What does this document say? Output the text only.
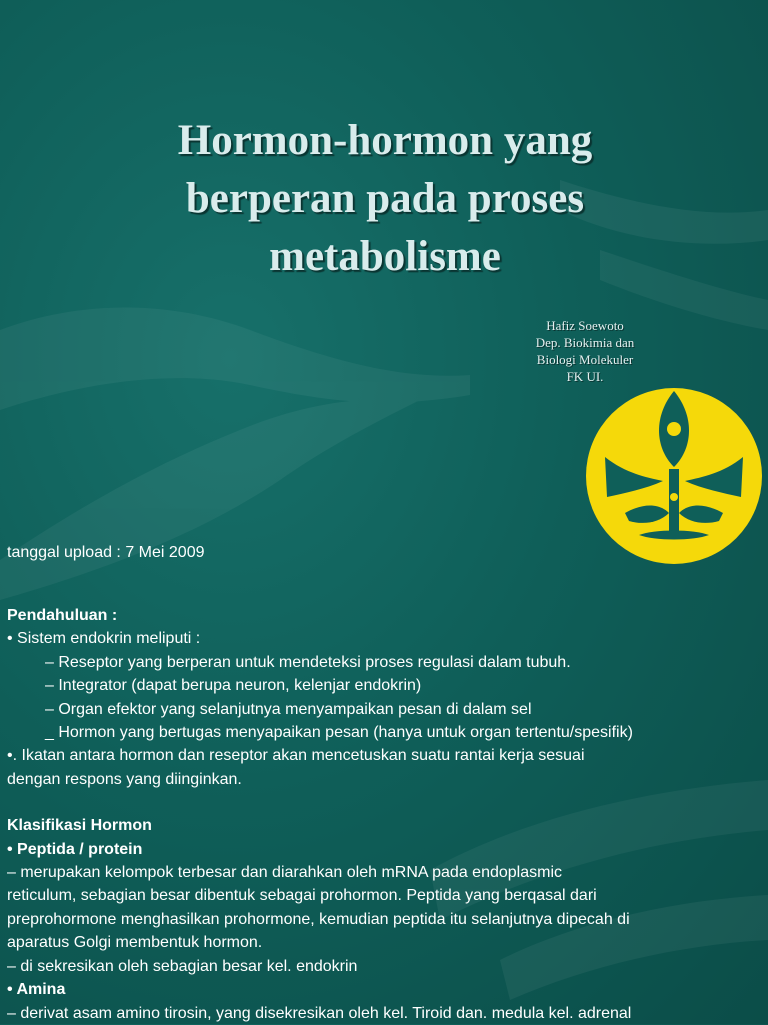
Hormon-hormon yang
berperan pada proses
metabolisme
Hafiz Soewoto
Dep. Biokimia dan
Biologi Molekuler
FK UI.
tanggal upload : 7 Mei 2009
Pendahuluan :
• Sistem endokrin meliputi :
– Reseptor yang berperan untuk mendeteksi proses regulasi dalam tubuh.
– Integrator (dapat berupa neuron, kelenjar endokrin)
– Organ efektor yang selanjutnya menyampaikan pesan di dalam sel
_ Hormon yang bertugas menyapaikan pesan (hanya untuk organ tertentu/spesifik)
•. Ikatan antara hormon dan reseptor akan mencetuskan suatu rantai kerja sesuai
dengan respons yang diinginkan.
Klasifikasi Hormon
• Peptida / protein
– merupakan kelompok terbesar dan diarahkan oleh mRNA pada endoplasmic
reticulum, sebagian besar dibentuk sebagai prohormon. Peptida yang berqasal dari
preprohormone menghasilkan prohormone, kemudian peptida itu selanjutnya dipecah di
aparatus Golgi membentuk hormon.
– di sekresikan oleh sebagian besar kel. endokrin
• Amina
– derivat asam amino tirosin, yang disekresikan oleh kel. Tiroid dan. medula kel. adrenal
